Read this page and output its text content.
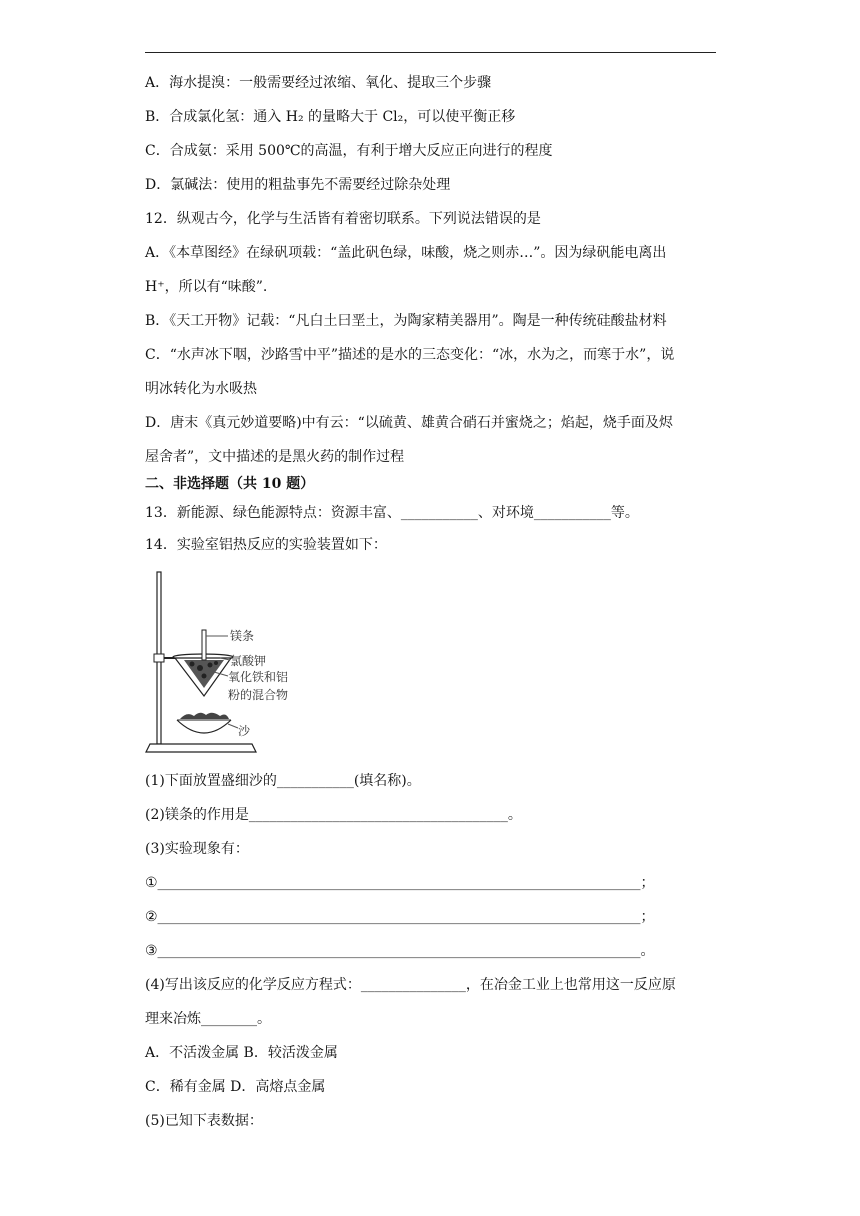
A．海水提溴：一般需要经过浓缩、氧化、提取三个步骤
B．合成氯化氢：通入 H₂ 的量略大于 Cl₂，可以使平衡正移
C．合成氨：采用 500℃的高温，有利于增大反应正向进行的程度
D．氯碱法：使用的粗盐事先不需要经过除杂处理
12．纵观古今，化学与生活皆有着密切联系。下列说法错误的是
A．《本草图经》在绿矾项载：“盖此矾色绿，味酸，烧之则赤…”。因为绿矾能电离出
H⁺，所以有“味酸”.
B．《天工开物》记载：“凡白土曰垩土，为陶家精美器用”。陶是一种传统硅酸盐材料
C．“水声冰下咽，沙路雪中平”描述的是水的三态变化：“冰，水为之，而寒于水”，说
明冰转化为水吸热
D．唐末《真元妙道要略)中有云：“以硫黄、雄黄合硝石并蜜烧之；焰起，烧手面及烬
屋舍者”，文中描述的是黑火药的制作过程
二、非选择题（共 10 题）
13．新能源、绿色能源特点：资源丰富、___________、对环境___________等。
14．实验室铝热反应的实验装置如下：
镁条
氯酸钾
氧化铁和铝
粉的混合物
沙
(1)下面放置盛细沙的___________(填名称)。
(2)镁条的作用是_____________________________________。
(3)实验现象有：
①_____________________________________________________________________；
②_____________________________________________________________________；
③_____________________________________________________________________。
(4)写出该反应的化学反应方程式：_______________，在冶金工业上也常用这一反应原
理来冶炼________。
A．不活泼金属 B．较活泼金属
C．稀有金属 D．高熔点金属
(5)已知下表数据：
